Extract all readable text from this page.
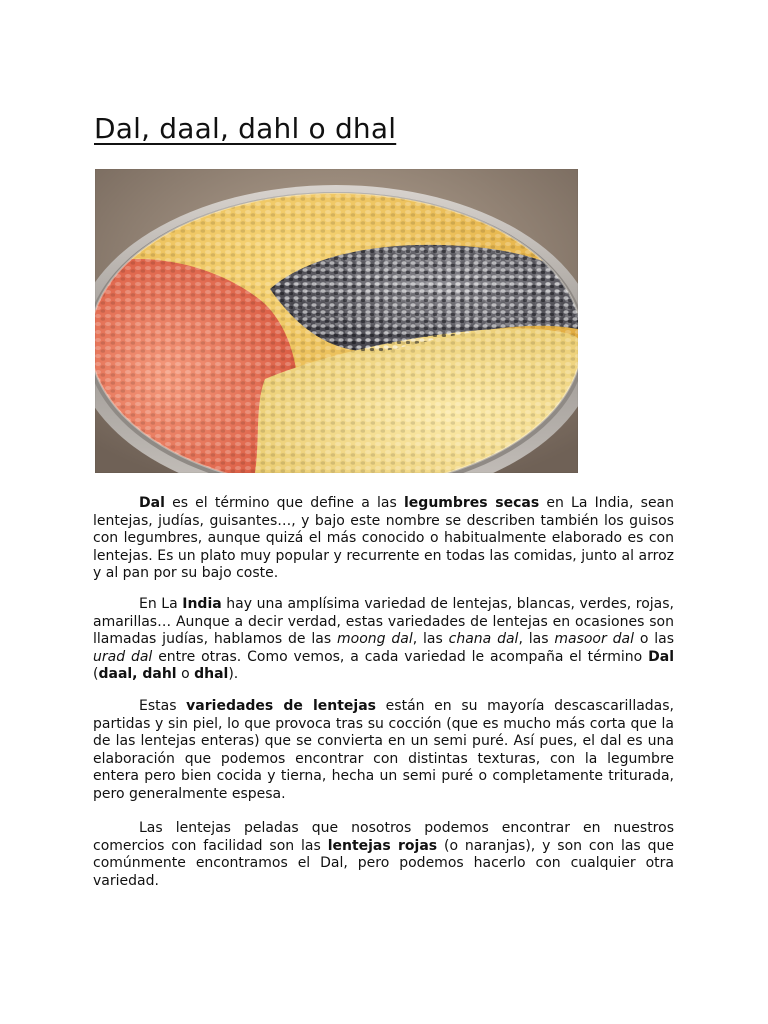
Dal, daal, dahl o dhal

Dal es el término que define a las legumbres secas en La India, sean lentejas, judías, guisantes…, y bajo este nombre se describen también los guisos con legumbres, aunque quizá el más conocido o habitualmente elaborado es con lentejas. Es un plato muy popular y recurrente en todas las comidas, junto al arroz y al pan por su bajo coste.

En La India hay una amplísima variedad de lentejas, blancas, verdes, rojas, amarillas… Aunque a decir verdad, estas variedades de lentejas en ocasiones son llamadas judías, hablamos de las moong dal, las chana dal, las masoor dal o las urad dal entre otras. Como vemos, a cada variedad le acompaña el término Dal (daal, dahl o dhal).

Estas variedades de lentejas están en su mayoría descascarilladas, partidas y sin piel, lo que provoca tras su cocción (que es mucho más corta que la de las lentejas enteras) que se convierta en un semi puré. Así pues, el dal es una elaboración que podemos encontrar con distintas texturas, con la legumbre entera pero bien cocida y tierna, hecha un semi puré o completamente triturada, pero generalmente espesa.

Las lentejas peladas que nosotros podemos encontrar en nuestros comercios con facilidad son las lentejas rojas (o naranjas), y son con las que comúnmente encontramos el Dal, pero podemos hacerlo con cualquier otra variedad.
